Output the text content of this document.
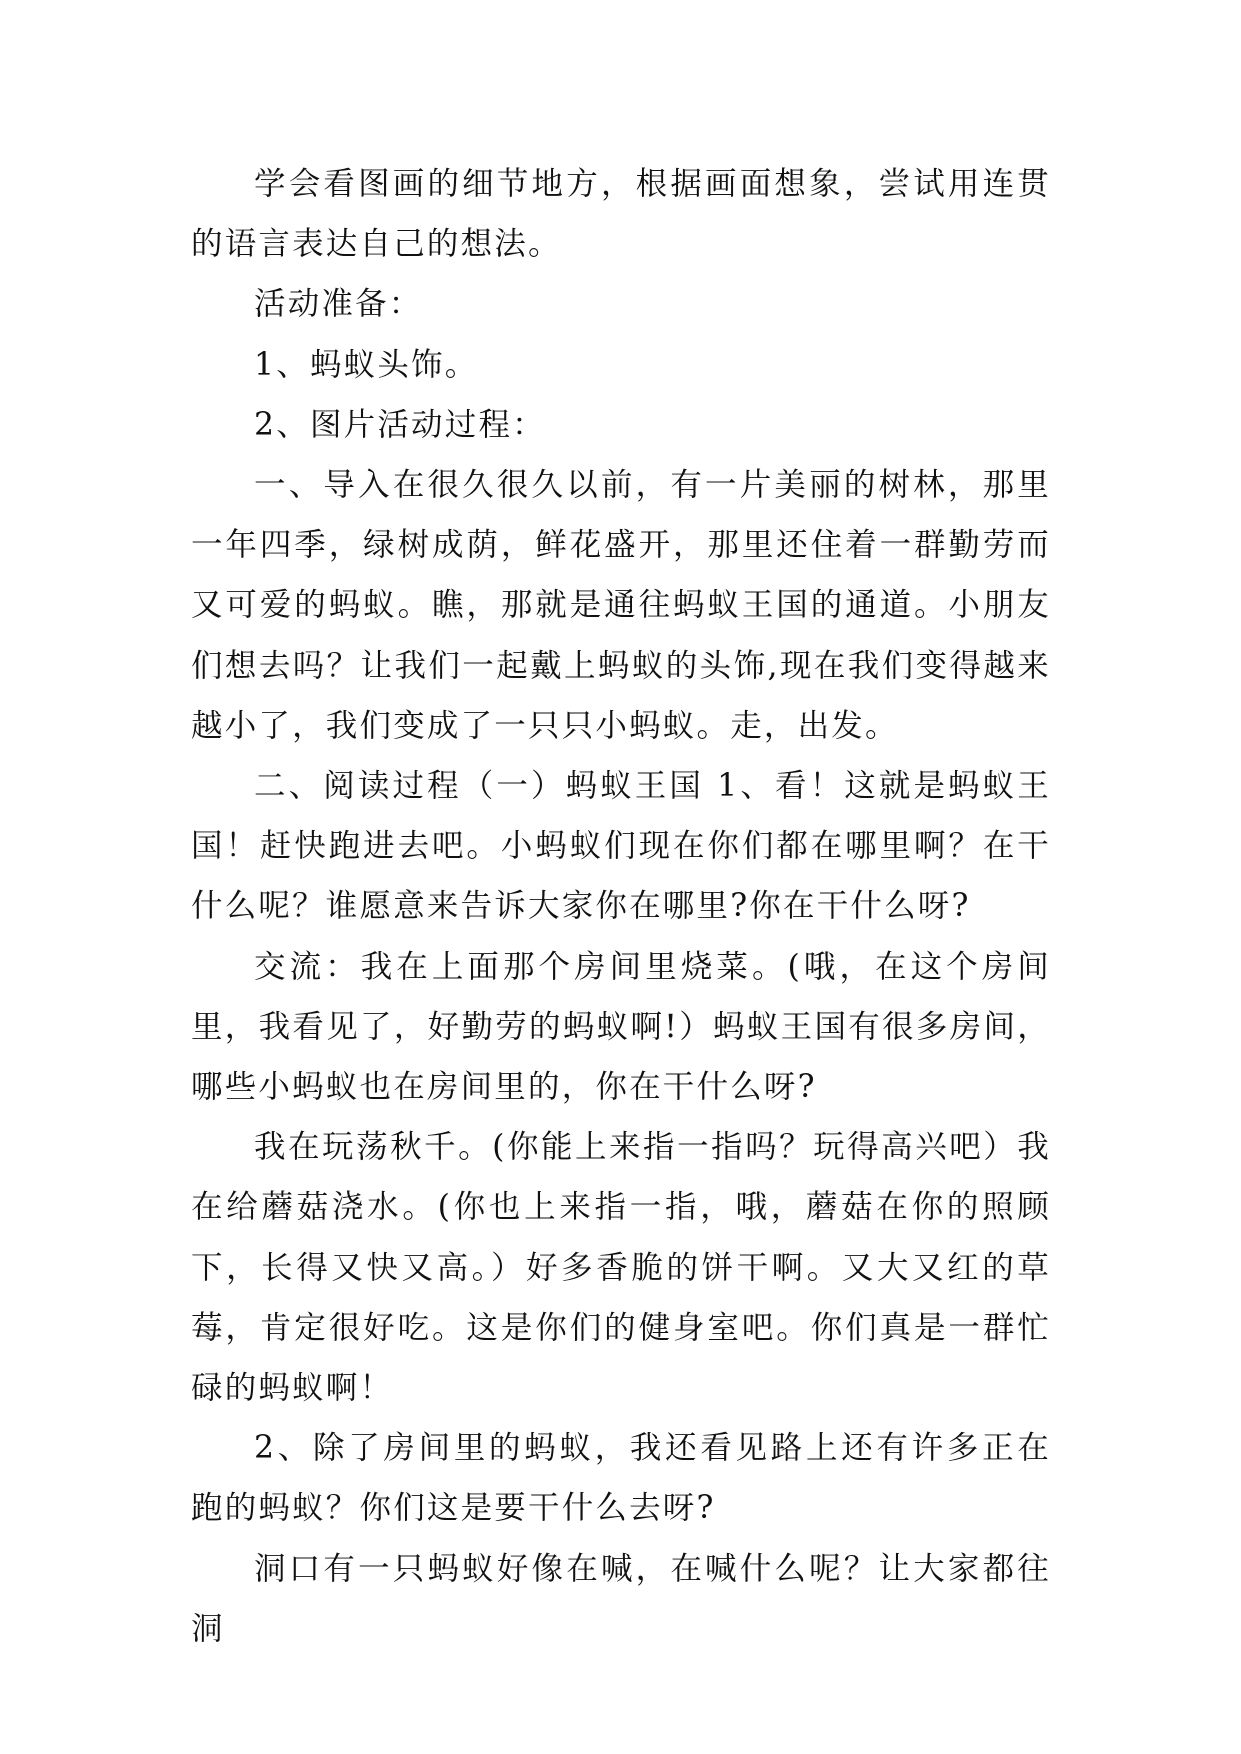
学会看图画的细节地方，根据画面想象，尝试用连贯的语言表达自己的想法。

活动准备：

1、蚂蚁头饰。

2、图片活动过程：

一、导入在很久很久以前，有一片美丽的树林，那里一年四季，绿树成荫，鲜花盛开，那里还住着一群勤劳而又可爱的蚂蚁。瞧，那就是通往蚂蚁王国的通道。小朋友们想去吗？让我们一起戴上蚂蚁的头饰,现在我们变得越来越小了，我们变成了一只只小蚂蚁。走，出发。

二、阅读过程（一）蚂蚁王国 1、看！这就是蚂蚁王国！赶快跑进去吧。小蚂蚁们现在你们都在哪里啊？在干什么呢？谁愿意来告诉大家你在哪里?你在干什么呀?

交流：我在上面那个房间里烧菜。(哦，在这个房间里，我看见了，好勤劳的蚂蚁啊!）蚂蚁王国有很多房间，哪些小蚂蚁也在房间里的，你在干什么呀?

我在玩荡秋千。(你能上来指一指吗？玩得高兴吧）我在给蘑菇浇水。(你也上来指一指，哦，蘑菇在你的照顾下，长得又快又高。）好多香脆的饼干啊。又大又红的草莓，肯定很好吃。这是你们的健身室吧。你们真是一群忙碌的蚂蚁啊！

2、除了房间里的蚂蚁，我还看见路上还有许多正在跑的蚂蚁？你们这是要干什么去呀?

洞口有一只蚂蚁好像在喊，在喊什么呢？让大家都往洞
